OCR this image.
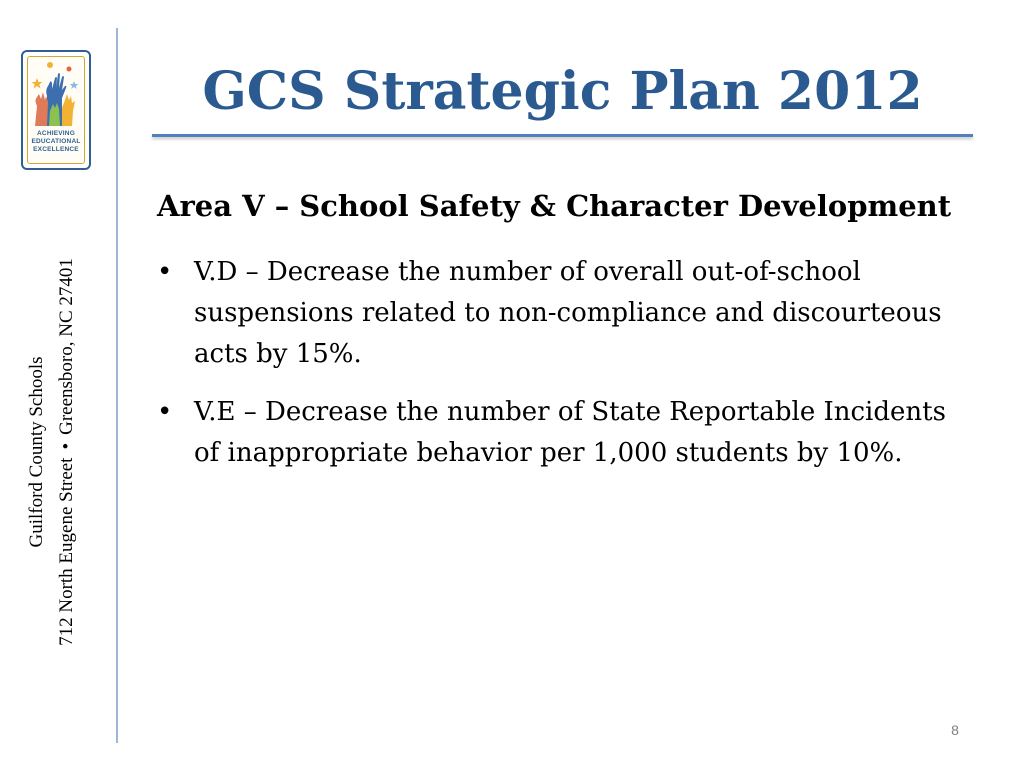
ACHIEVING
EDUCATIONAL
EXCELLENCE
Guilford County Schools
712 North Eugene Street•Greensboro, NC 27401
GCS Strategic Plan 2012
Area V – School Safety & Character Development
• V.D – Decrease the number of overall out-of-school suspensions related to non-compliance and discourteous acts by 15%.
• V.E – Decrease the number of State Reportable Incidents of inappropriate behavior per 1,000 students by 10%.
8
